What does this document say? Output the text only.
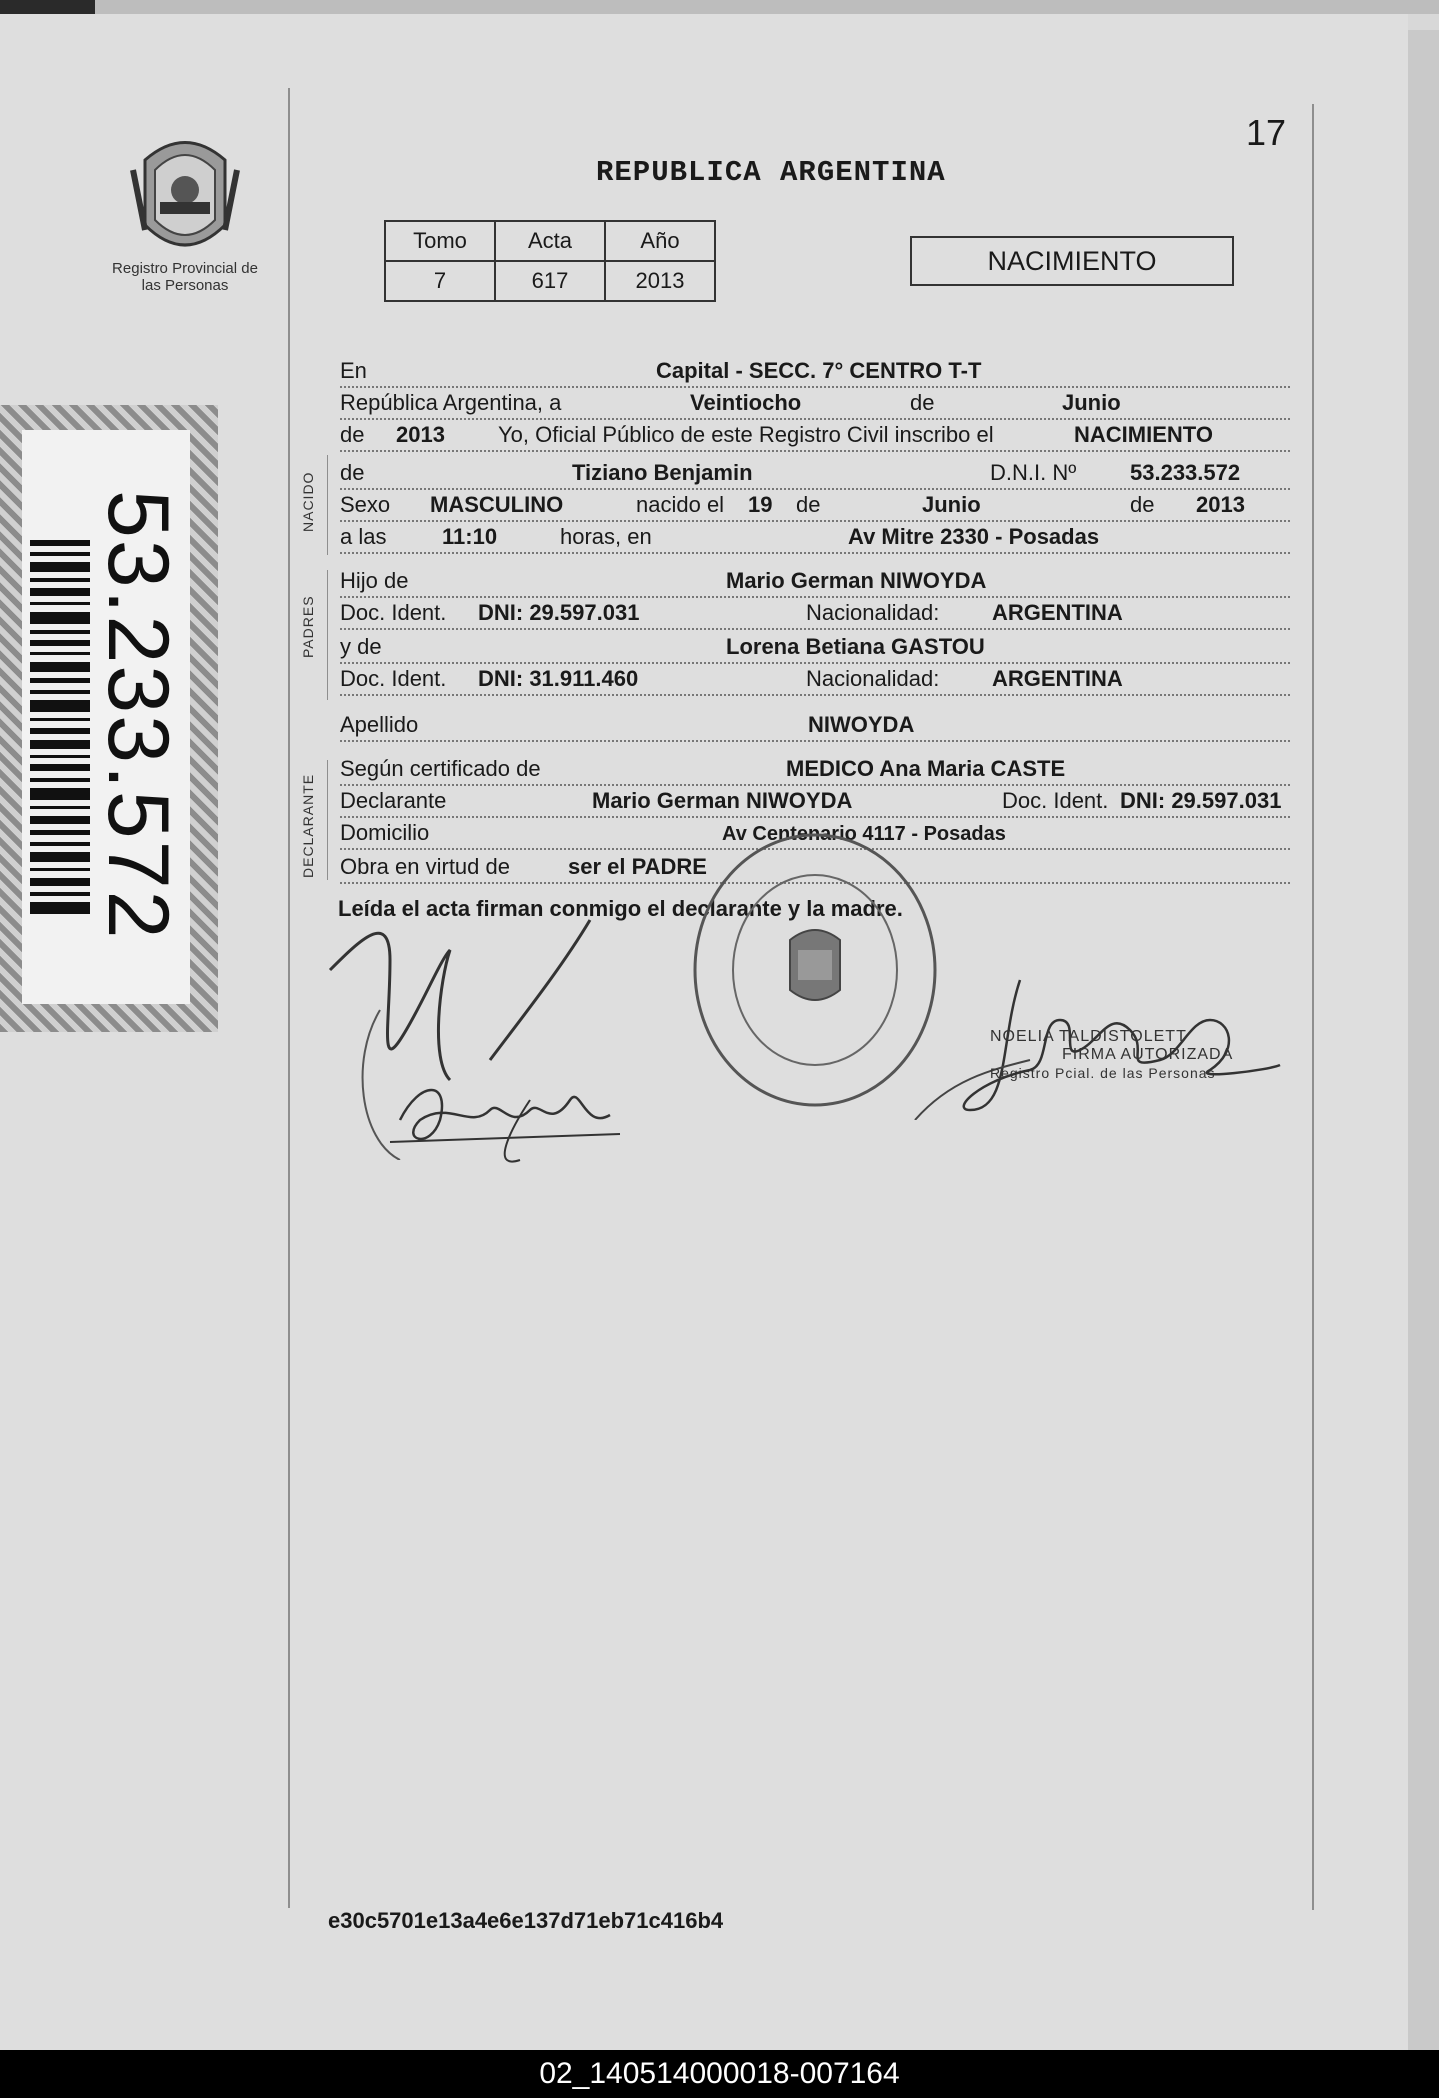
Registro Provincial de las Personas
53.233.572
17
REPUBLICA ARGENTINA
Tomo	Acta	Año
7	617	2013
NACIMIENTO
NACIDO
PADRES
DECLARANTE
En	Capital - SECC. 7° CENTRO T-T
República Argentina, a	Veintiocho	de	Junio
de 2013 Yo, Oficial Público de este Registro Civil inscribo el	NACIMIENTO
de	Tiziano Benjamin	D.N.I. Nº 53.233.572
Sexo MASCULINO	nacido el 19 de	Junio	de 2013
a las	11:10	horas, en	Av Mitre 2330 - Posadas
Hijo de	Mario German NIWOYDA
Doc. Ident. DNI: 29.597.031	Nacionalidad: ARGENTINA
y de	Lorena Betiana GASTOU
Doc. Ident. DNI: 31.911.460	Nacionalidad: ARGENTINA
Apellido	NIWOYDA
Según certificado de	MEDICO Ana Maria CASTE
Declarante	Mario German NIWOYDA	Doc. Ident. DNI: 29.597.031
Domicilio	Av Centenario 4117 - Posadas
Obra en virtud de	ser el PADRE
Leída el acta firman conmigo el declarante y la madre.
NOELIA TALDISTOLETT
FIRMA AUTORIZADA
Registro Pcial. de las Personas
e30c5701e13a4e6e137d71eb71c416b4
02_140514000018-007164
